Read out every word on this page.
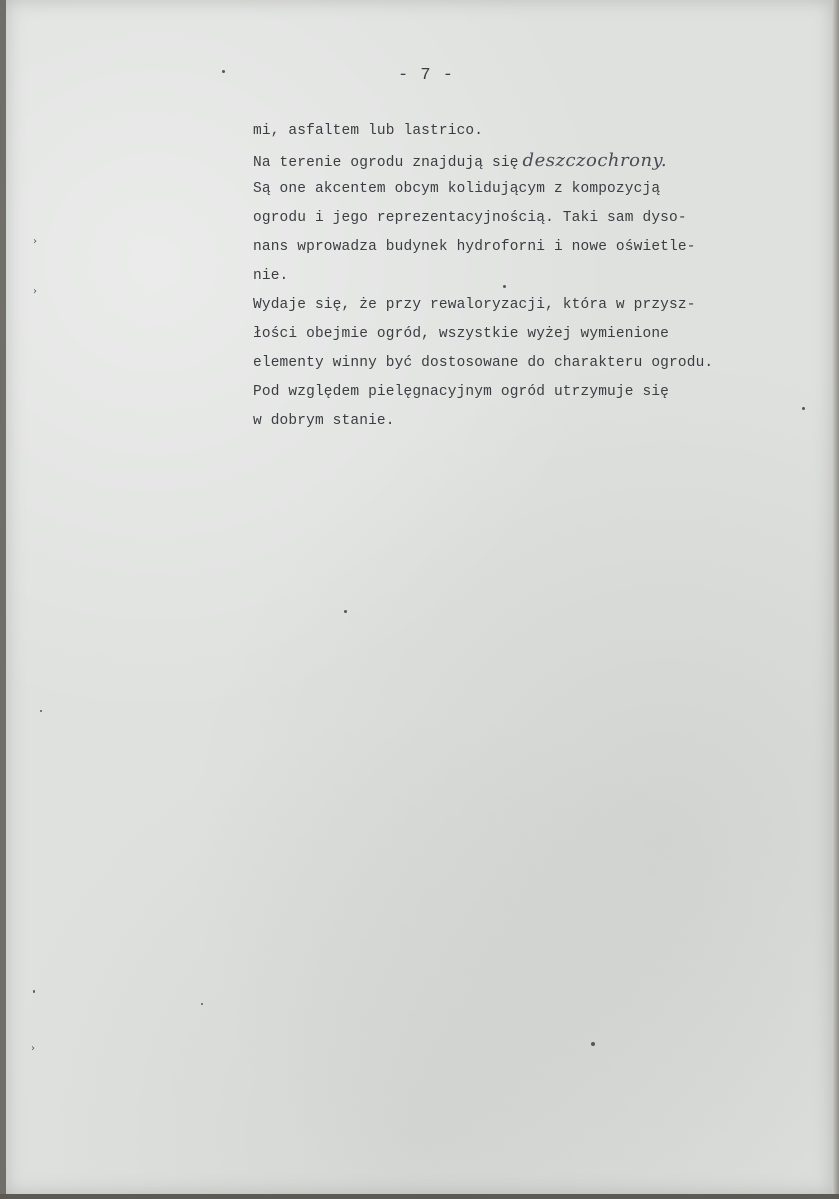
- 7 -
mi, asfaltem lub lastrico.
Na terenie ogrodu znajdują się deszczochrony.
Są one akcentem obcym kolidującym z kompozycją
ogrodu i jego reprezentacyjnością. Taki sam dyso-
nans wprowadza budynek hydroforni i nowe oświetle-
nie.
Wydaje się, że przy rewaloryzacji, która w przysz-
łości obejmie ogród, wszystkie wyżej wymienione
elementy winny być dostosowane do charakteru ogrodu.
Pod względem pielęgnacyjnym ogród utrzymuje się
w dobrym stanie.
›
›
›
